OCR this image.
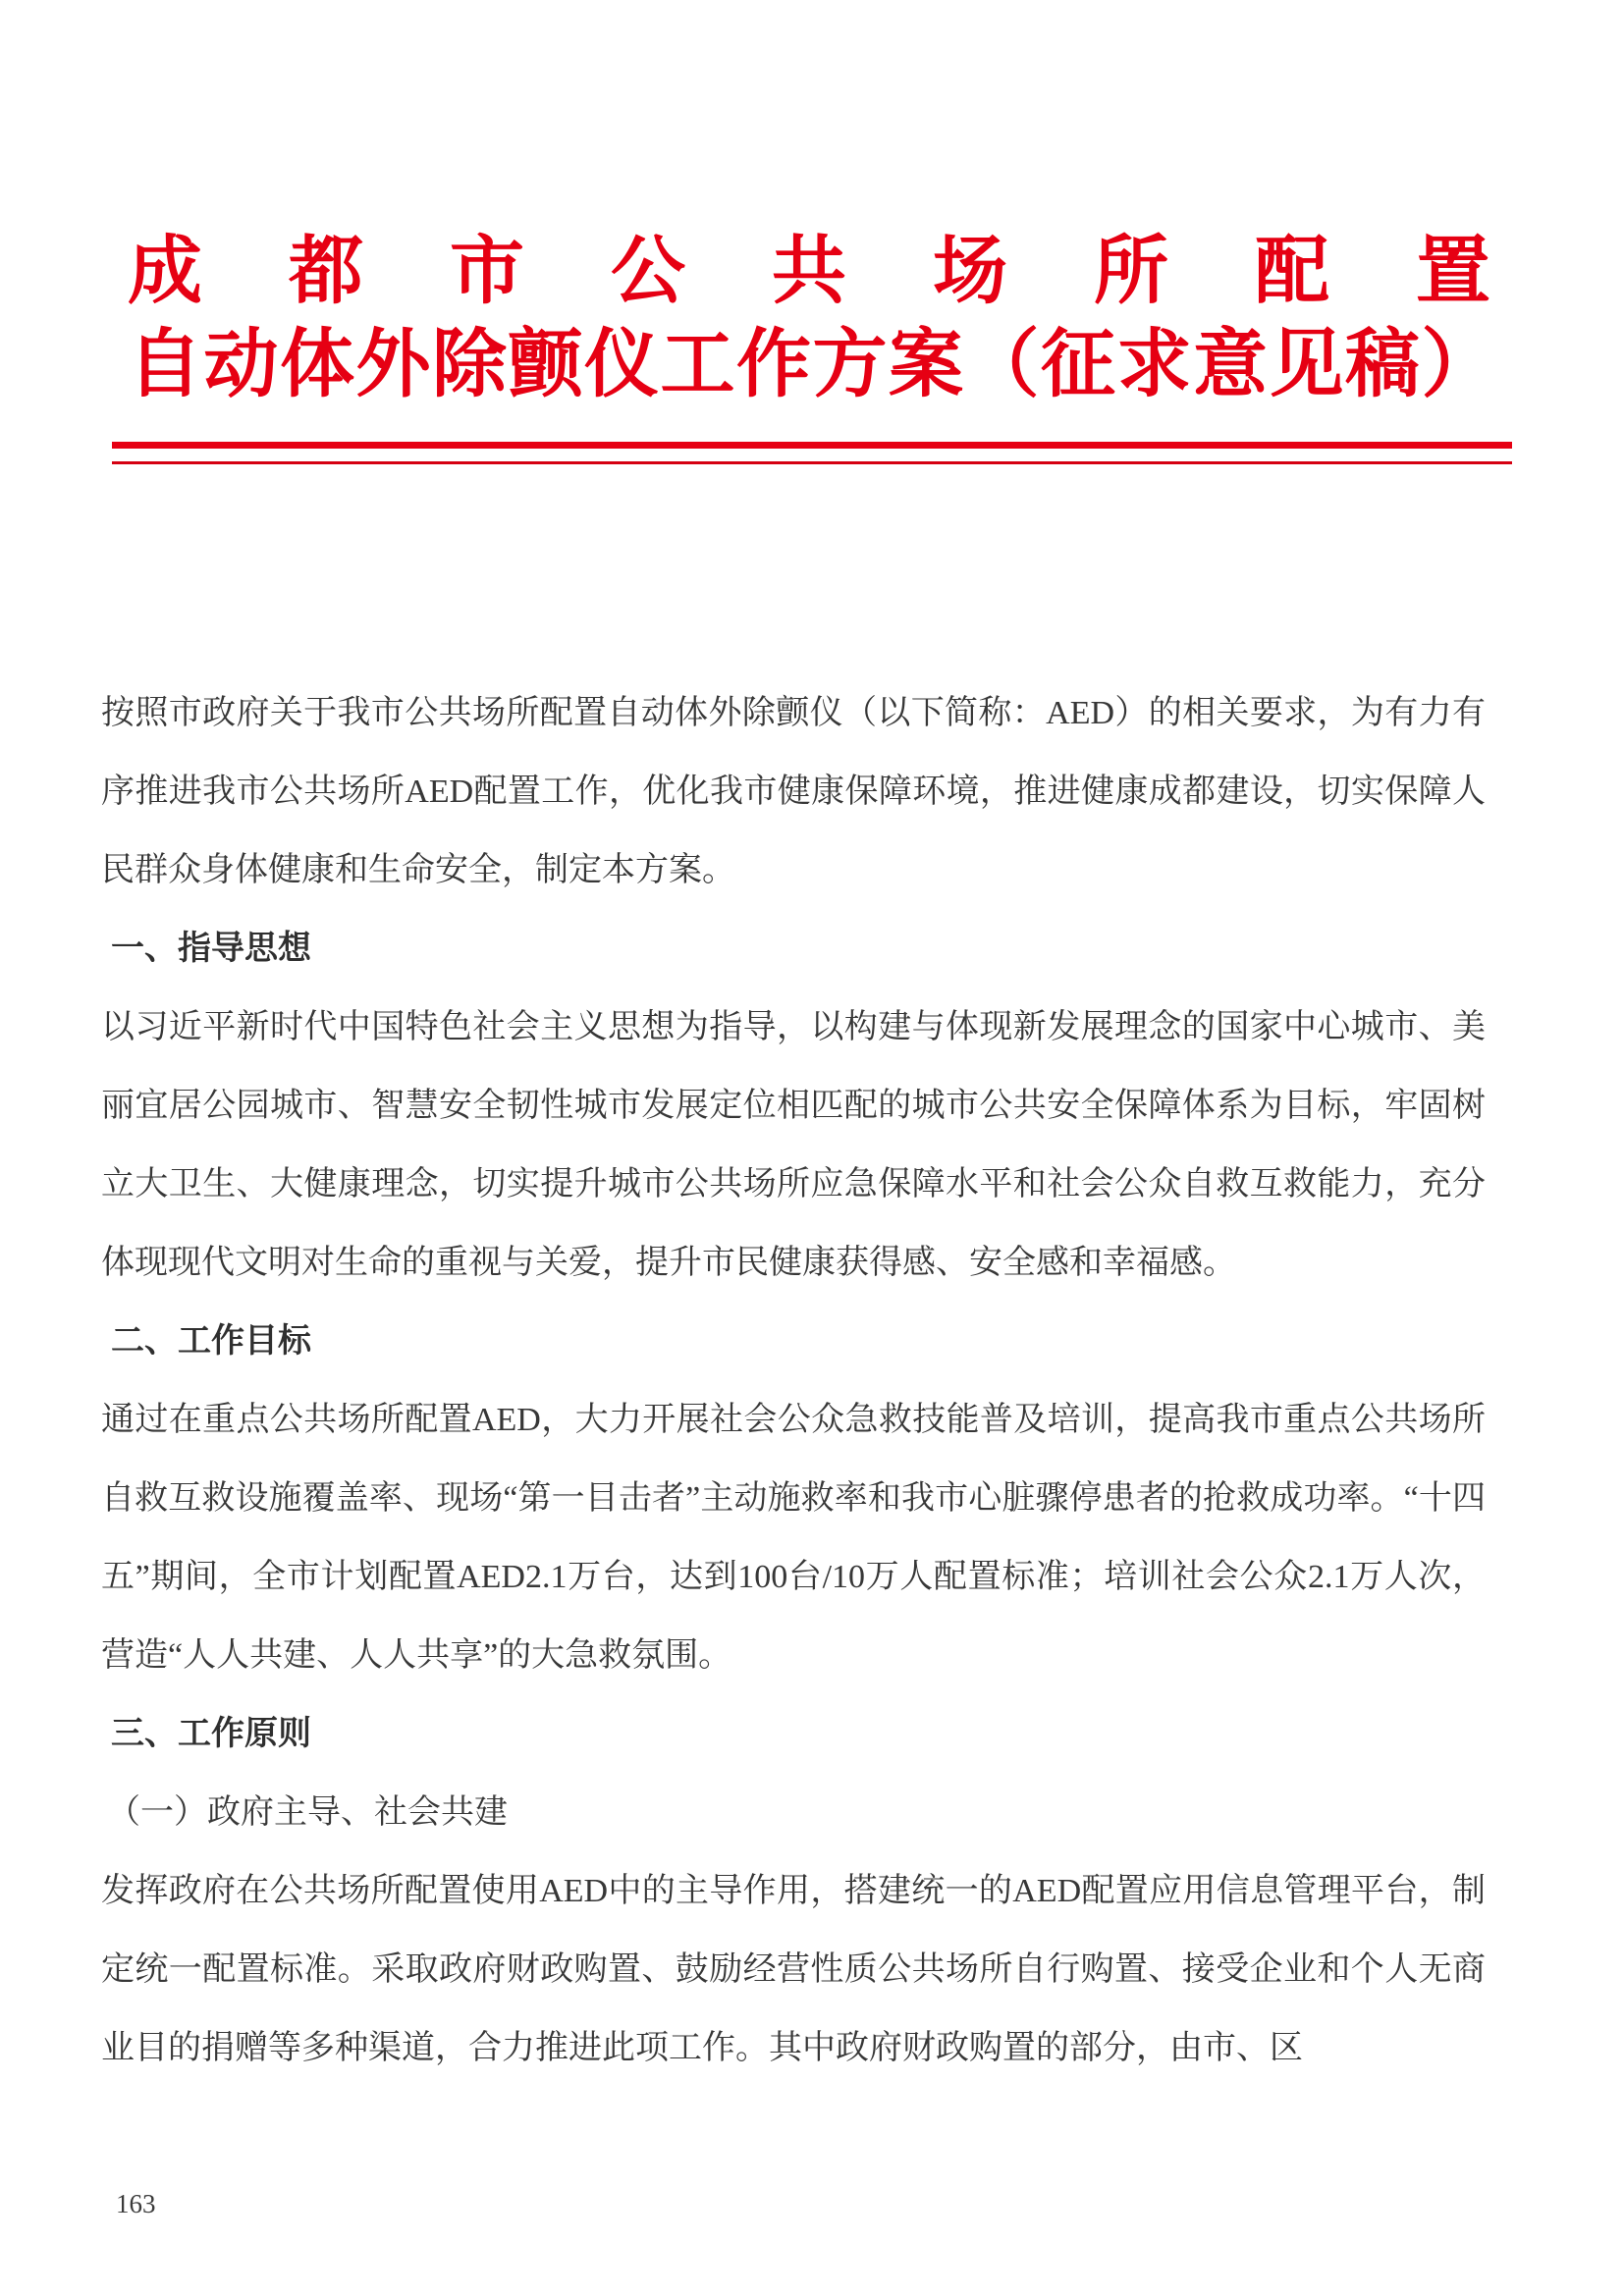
成都市公共场所配置
自动体外除颤仪工作方案（征求意见稿）

按照市政府关于我市公共场所配置自动体外除颤仪（以下简称：AED）的相关要求，为有力有序推进我市公共场所AED配置工作，优化我市健康保障环境，推进健康成都建设，切实保障人民群众身体健康和生命安全，制定本方案。

一、指导思想

以习近平新时代中国特色社会主义思想为指导，以构建与体现新发展理念的国家中心城市、美丽宜居公园城市、智慧安全韧性城市发展定位相匹配的城市公共安全保障体系为目标，牢固树立大卫生、大健康理念，切实提升城市公共场所应急保障水平和社会公众自救互救能力，充分体现现代文明对生命的重视与关爱，提升市民健康获得感、安全感和幸福感。

二、工作目标

通过在重点公共场所配置AED，大力开展社会公众急救技能普及培训，提高我市重点公共场所自救互救设施覆盖率、现场“第一目击者”主动施救率和我市心脏骤停患者的抢救成功率。“十四五”期间，全市计划配置AED2.1万台，达到100台/10万人配置标准；培训社会公众2.1万人次，营造“人人共建、人人共享”的大急救氛围。

三、工作原则

（一）政府主导、社会共建

发挥政府在公共场所配置使用AED中的主导作用，搭建统一的AED配置应用信息管理平台，制定统一配置标准。采取政府财政购置、鼓励经营性质公共场所自行购置、接受企业和个人无商业目的捐赠等多种渠道，合力推进此项工作。其中政府财政购置的部分，由市、区

163
